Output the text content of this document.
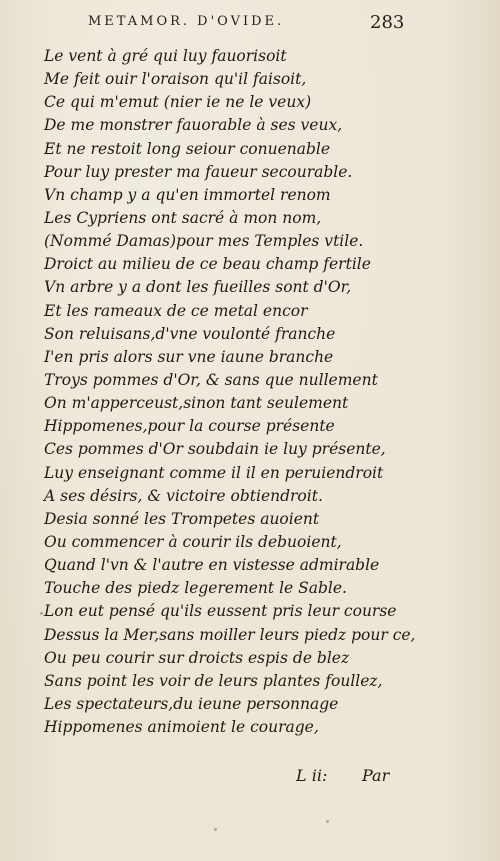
METAMOR. D'OVIDE.	283
Le vent à gré qui luy fauorisoit
Me feit ouir l'oraison qu'il faisoit,
Ce qui m'emut (nier ie ne le veux)
De me monstrer fauorable à ses veux,
Et ne restoit long seiour conuenable
Pour luy prester ma faueur secourable.
Vn champ y a qu'en immortel renom
Les Cypriens ont sacré à mon nom,
(Nommé Damas)pour mes Temples vtile.
Droict au milieu de ce beau champ fertile
Vn arbre y a dont les fueilles sont d'Or,
Et les rameaux de ce metal encor
Son reluisans,d'vne voulonté franche
I'en pris alors sur vne iaune branche
Troys pommes d'Or, & sans que nullement
On m'apperceust,sinon tant seulement
Hippomenes,pour la course présente
Ces pommes d'Or soubdain ie luy présente,
Luy enseignant comme il il en peruiendroit
A ses désirs, & victoire obtiendroit.
Desia sonné les Trompetes auoient
Ou commencer à courir ils debuoient,
Quand l'vn & l'autre en vistesse admirable
Touche des piedz legerement le Sable.
Lon eut pensé qu'ils eussent pris leur course
Dessus la Mer,sans moiller leurs piedz pour ce,
Ou peu courir sur droicts espis de blez
Sans point les voir de leurs plantes foullez,
Les spectateurs,du ieune personnage
Hippomenes animoient le courage,
L ii: Par
